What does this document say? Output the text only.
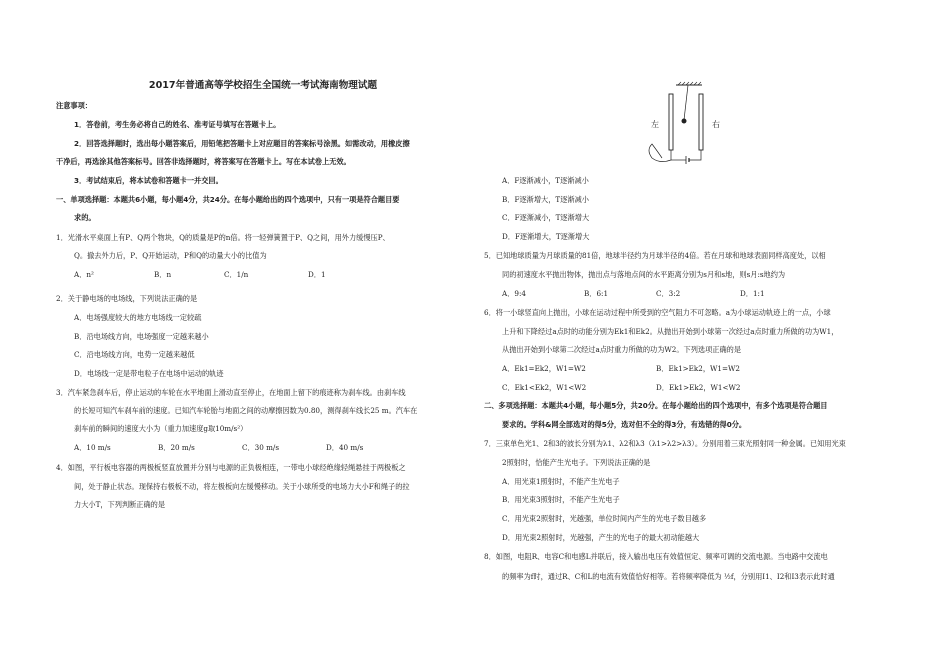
2017年普通高等学校招生全国统一考试海南物理试题
注意事项：
1．答卷前，考生务必将自己的姓名、准考证号填写在答题卡上。
2．回答选择题时，选出每小题答案后，用铅笔把答题卡上对应题目的答案标号涂黑。如需改动，用橡皮擦
干净后，再选涂其他答案标号。回答非选择题时，将答案写在答题卡上。写在本试卷上无效。
3．考试结束后，将本试卷和答题卡一并交回。
一、单项选择题：本题共6小题，每小题4分，共24分。在每小题给出的四个选项中，只有一项是符合题目要
求的。
1．光滑水平桌面上有P、Q两个物块，Q的质量是P的n倍。将一轻弹簧置于P、Q之间，用外力缓慢压P、
Q。撤去外力后，P、Q开始运动，P和Q的动量大小的比值为
A．n²	B．n	C．1/n	D．1
2．关于静电场的电场线，下列说法正确的是
A．电场强度较大的地方电场线一定较疏
B．沿电场线方向，电场强度一定越来越小
C．沿电场线方向，电势一定越来越低
D．电场线一定是带电粒子在电场中运动的轨迹
3．汽车紧急刹车后，停止运动的车轮在水平地面上滑动直至停止，在地面上留下的痕迹称为刹车线。由刹车线
的长短可知汽车刹车前的速度。已知汽车轮胎与地面之间的动摩擦因数为0.80，测得刹车线长25 m。汽车在
刹车前的瞬间的速度大小为（重力加速度g取10m/s²）
A．10 m/s	B．20 m/s	C．30 m/s	D．40 m/s
4．如图，平行板电容器的两极板竖直放置并分别与电源的正负极相连，一带电小球经绝缘轻绳悬挂于两极板之
间，处于静止状态。现保持右极板不动，将左极板向左缓慢移动。关于小球所受的电场力大小F和绳子的拉
力大小T，下列判断正确的是
左	右
A．F逐渐减小，T逐渐减小
B．F逐渐增大，T逐渐减小
C．F逐渐减小，T逐渐增大
D．F逐渐增大，T逐渐增大
5．已知地球质量为月球质量的81倍，地球半径约为月球半径的4倍。若在月球和地球表面同样高度处，以相
同的初速度水平抛出物体，抛出点与落地点间的水平距离分别为s月和s地，则s月:s地约为
A．9:4	B．6:1	C．3:2	D．1:1
6．将一小球竖直向上抛出，小球在运动过程中所受到的空气阻力不可忽略。a为小球运动轨迹上的一点，小球
上升和下降经过a点时的动能分别为Ek1和Ek2。从抛出开始到小球第一次经过a点时重力所做的功为W1，
从抛出开始到小球第二次经过a点时重力所做的功为W2。下列选项正确的是
A．Ek1=Ek2，W1=W2	B．Ek1>Ek2，W1=W2
C．Ek1<Ek2，W1<W2	D．Ek1>Ek2，W1<W2
二、多项选择题：本题共4小题，每小题5分，共20分。在每小题给出的四个选项中，有多个选项是符合题目
要求的。学科&网全部选对的得5分，选对但不全的得3分，有选错的得0分。
7．三束单色光1、2和3的波长分别为λ1、λ2和λ3（λ1>λ2>λ3）。分别用着三束光照射同一种金属。已知用光束
2照射时，恰能产生光电子。下列说法正确的是
A．用光束1照射时，不能产生光电子
B．用光束3照射时，不能产生光电子
C．用光束2照射时，光越强，单位时间内产生的光电子数目越多
D．用光束2照射时，光越强，产生的光电子的最大初动能越大
8．如图，电阻R、电容C和电感L并联后，接入输出电压有效值恒定、频率可调的交流电源。当电路中交流电
的频率为f时，通过R、C和L的电流有效值恰好相等。若将频率降低为 ½f，分别用I1、I2和I3表示此时通
